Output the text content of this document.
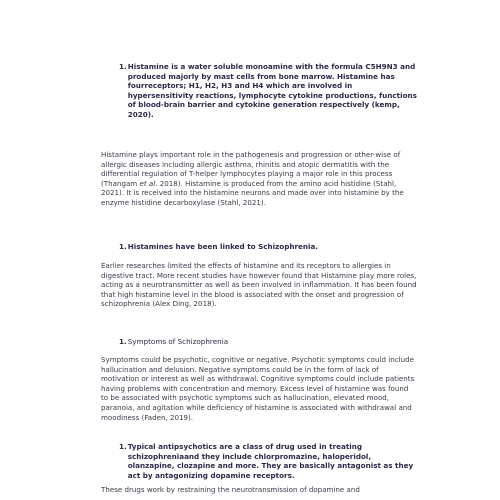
1. Histamine is a water soluble monoamine with the formula C5H9N3 and produced majorly by mast cells from bone marrow. Histamine has fourreceptors; H1, H2, H3 and H4 which are involved in hypersensitivity reactions, lymphocyte cytokine productions, functions of blood-brain barrier and cytokine generation respectively (kemp, 2020).
Histamine plays important role in the pathogenesis and progression or other-wise of allergic diseases including allergic asthma, rhinitis and atopic dermatitis with the differential regulation of T-helper lymphocytes playing a major role in this process (Thangam et al. 2018). Histamine is produced from the amino acid histidine (Stahl, 2021). It is received into the histamine neurons and made over into histamine by the enzyme histidine decarboxylase (Stahl, 2021).
1. Histamines have been linked to Schizophrenia.
Earlier researches limited the effects of histamine and its receptors to allergies in digestive tract. More recent studies have however found that Histamine play more roles, acting as a neurotransmitter as well as been involved in inflammation. It has been found that high histamine level in the blood is associated with the onset and progression of schizophrenia (Alex Ding, 2018).
1. Symptoms of Schizophrenia
Symptoms could be psychotic, cognitive or negative. Psychotic symptoms could include hallucination and delusion. Negative symptoms could be in the form of lack of motivation or interest as well as withdrawal. Cognitive symptoms could include patients having problems with concentration and memory. Excess level of histamine was found to be associated with psychotic symptoms such as hallucination, elevated mood, paranoia, and agitation while deficiency of histamine is associated with withdrawal and moodiness (Faden, 2019).
1. Typical antipsychotics are a class of drug used in treating schizophreniaand they include chlorpromazine, haloperidol, olanzapine, clozapine and more. They are basically antagonist as they act by antagonizing dopamine receptors.
These drugs work by restraining the neurotransmission of dopamine and
